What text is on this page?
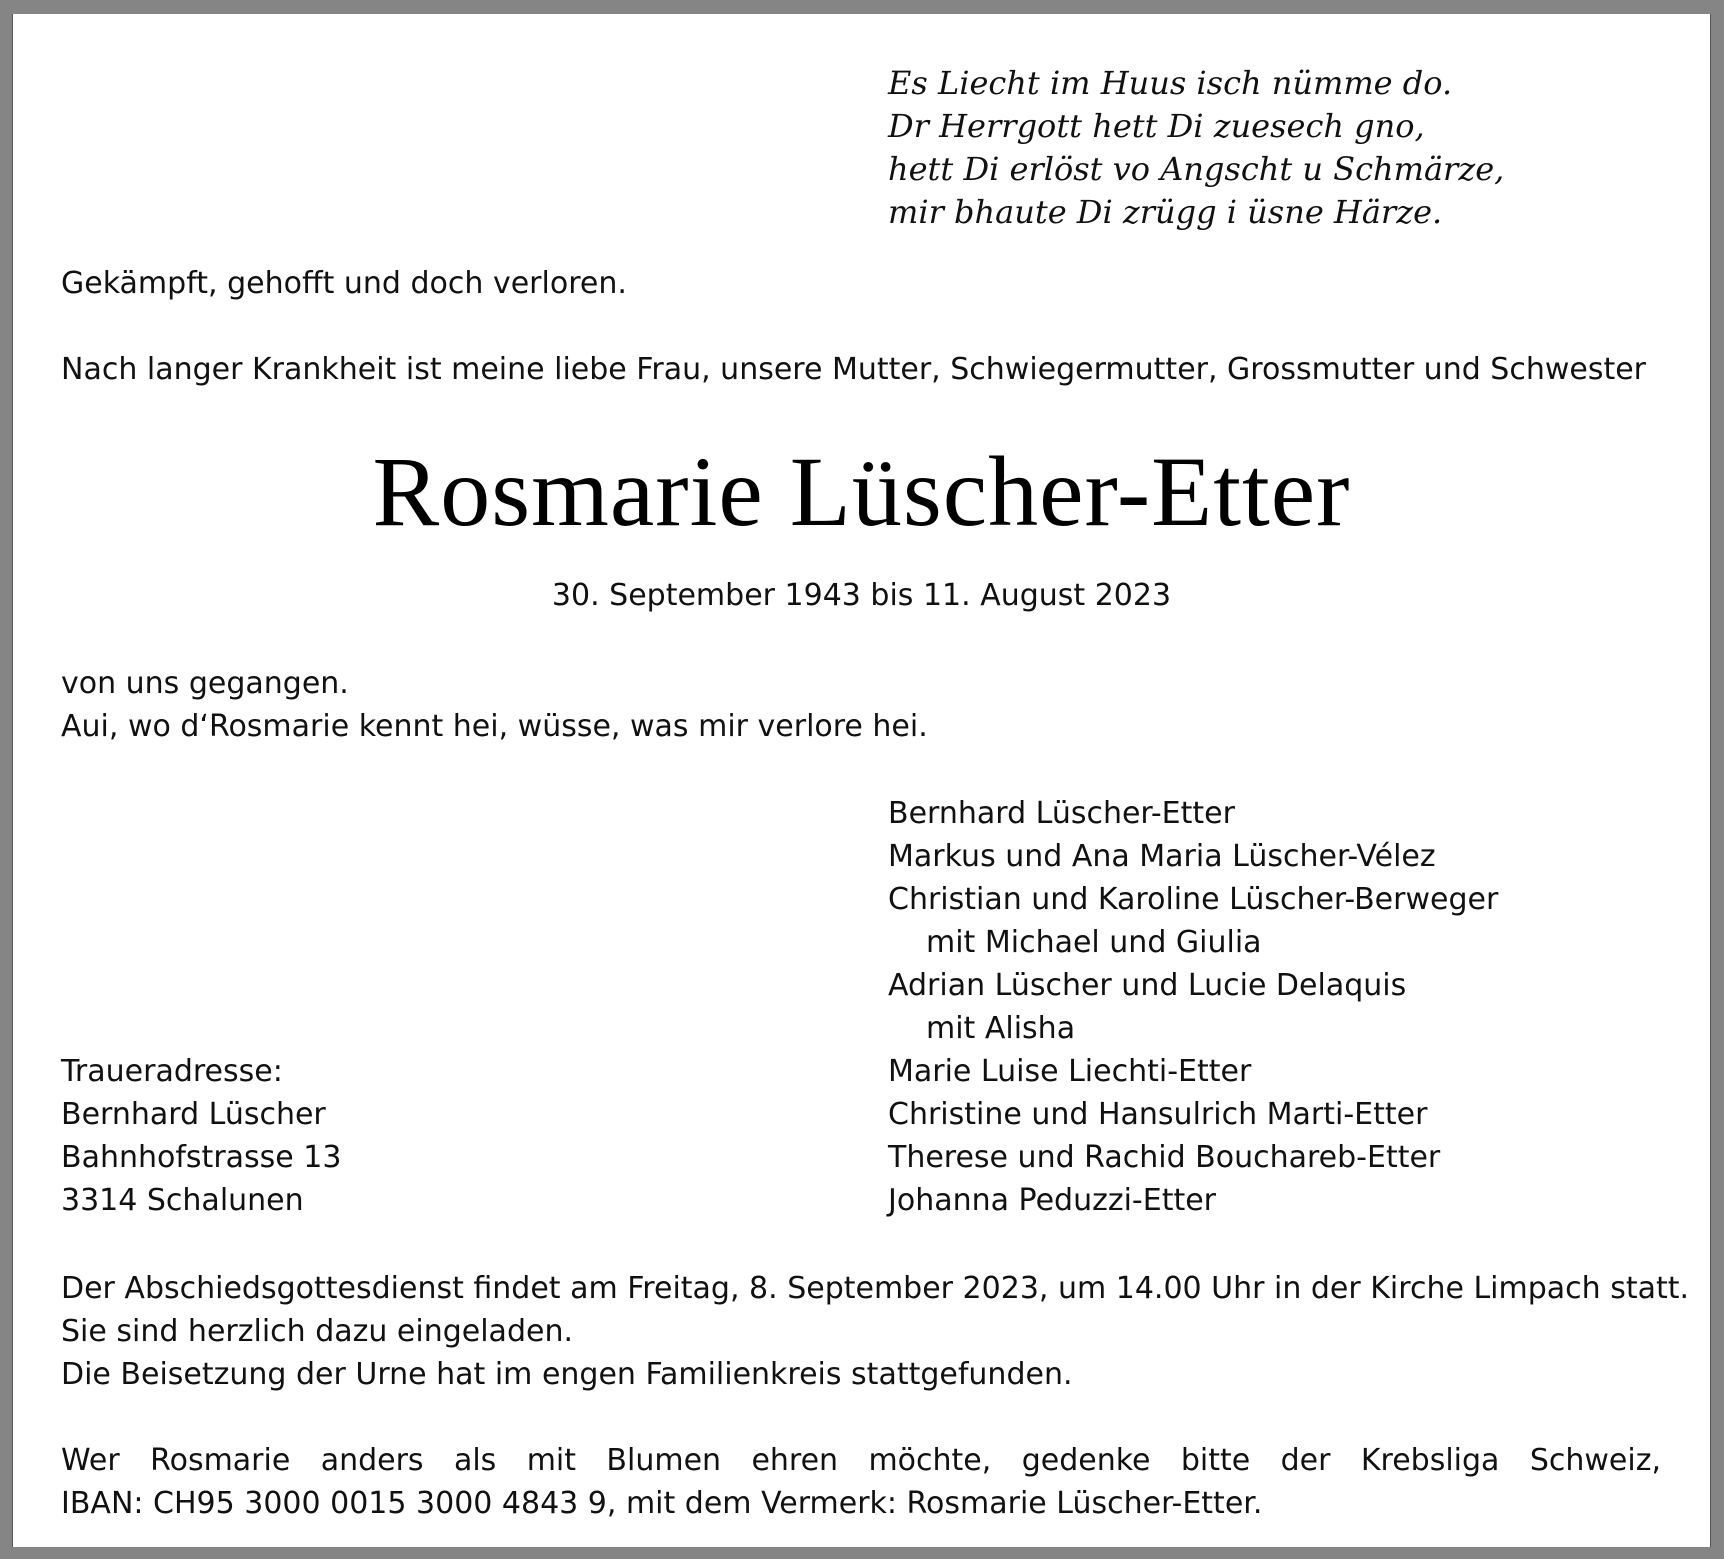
Es Liecht im Huus isch nümme do.
Dr Herrgott hett Di zuesech gno,
hett Di erlöst vo Angscht u Schmärze,
mir bhaute Di zrügg i üsne Härze.
Gekämpft, gehofft und doch verloren.
Nach langer Krankheit ist meine liebe Frau, unsere Mutter, Schwiegermutter, Grossmutter und Schwester
Rosmarie Lüscher-Etter
30. September 1943 bis 11. August 2023
von uns gegangen.
Aui, wo d‘Rosmarie kennt hei, wüsse, was mir verlore hei.
Bernhard Lüscher-Etter
Markus und Ana Maria Lüscher-Vélez
Christian und Karoline Lüscher-Berweger
mit Michael und Giulia
Adrian Lüscher und Lucie Delaquis
mit Alisha
Marie Luise Liechti-Etter
Christine und Hansulrich Marti-Etter
Therese und Rachid Bouchareb-Etter
Johanna Peduzzi-Etter
Traueradresse:
Bernhard Lüscher
Bahnhofstrasse 13
3314 Schalunen
Der Abschiedsgottesdienst findet am Freitag, 8. September 2023, um 14.00 Uhr in der Kirche Limpach statt.
Sie sind herzlich dazu eingeladen.
Die Beisetzung der Urne hat im engen Familienkreis stattgefunden.
Wer Rosmarie anders als mit Blumen ehren möchte, gedenke bitte der Krebsliga Schweiz,
IBAN: CH95 3000 0015 3000 4843 9, mit dem Vermerk: Rosmarie Lüscher-Etter.
